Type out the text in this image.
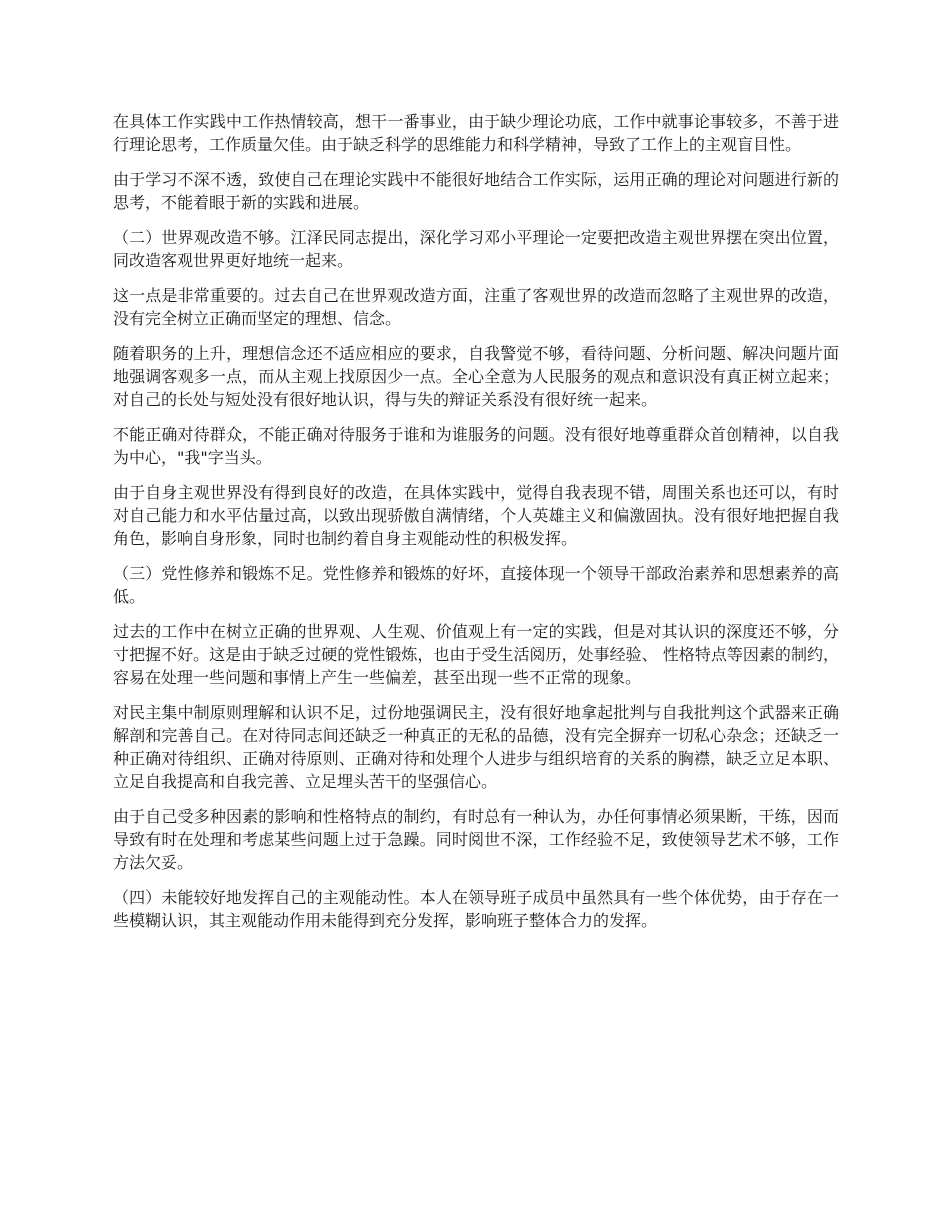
在具体工作实践中工作热情较高，想干一番事业，由于缺少理论功底，工作中就事论事较多，不善于进行理论思考，工作质量欠佳。由于缺乏科学的思维能力和科学精神，导致了工作上的主观盲目性。

由于学习不深不透，致使自己在理论实践中不能很好地结合工作实际，运用正确的理论对问题进行新的思考，不能着眼于新的实践和进展。

（二）世界观改造不够。江泽民同志提出，深化学习邓小平理论一定要把改造主观世界摆在突出位置，同改造客观世界更好地统一起来。

这一点是非常重要的。过去自己在世界观改造方面，注重了客观世界的改造而忽略了主观世界的改造，没有完全树立正确而坚定的理想、信念。

随着职务的上升，理想信念还不适应相应的要求，自我警觉不够，看待问题、分析问题、解决问题片面地强调客观多一点，而从主观上找原因少一点。全心全意为人民服务的观点和意识没有真正树立起来；对自己的长处与短处没有很好地认识，得与失的辩证关系没有很好统一起来。

不能正确对待群众，不能正确对待服务于谁和为谁服务的问题。没有很好地尊重群众首创精神，以自我为中心，"我"字当头。

由于自身主观世界没有得到良好的改造，在具体实践中，觉得自我表现不错，周围关系也还可以，有时对自己能力和水平估量过高，以致出现骄傲自满情绪，个人英雄主义和偏激固执。没有很好地把握自我角色，影响自身形象，同时也制约着自身主观能动性的积极发挥。

（三）党性修养和锻炼不足。党性修养和锻炼的好坏，直接体现一个领导干部政治素养和思想素养的高低。

过去的工作中在树立正确的世界观、人生观、价值观上有一定的实践，但是对其认识的深度还不够，分寸把握不好。这是由于缺乏过硬的党性锻炼，也由于受生活阅历，处事经验、 性格特点等因素的制约，容易在处理一些问题和事情上产生一些偏差，甚至出现一些不正常的现象。

对民主集中制原则理解和认识不足，过份地强调民主，没有很好地拿起批判与自我批判这个武器来正确解剖和完善自己。在对待同志间还缺乏一种真正的无私的品德，没有完全摒弃一切私心杂念；还缺乏一种正确对待组织、正确对待原则、正确对待和处理个人进步与组织培育的关系的胸襟，缺乏立足本职、立足自我提高和自我完善、立足埋头苦干的坚强信心。

由于自己受多种因素的影响和性格特点的制约，有时总有一种认为，办任何事情必须果断，干练，因而导致有时在处理和考虑某些问题上过于急躁。同时阅世不深，工作经验不足，致使领导艺术不够，工作方法欠妥。

（四）未能较好地发挥自己的主观能动性。本人在领导班子成员中虽然具有一些个体优势，由于存在一些模糊认识，其主观能动作用未能得到充分发挥，影响班子整体合力的发挥。
